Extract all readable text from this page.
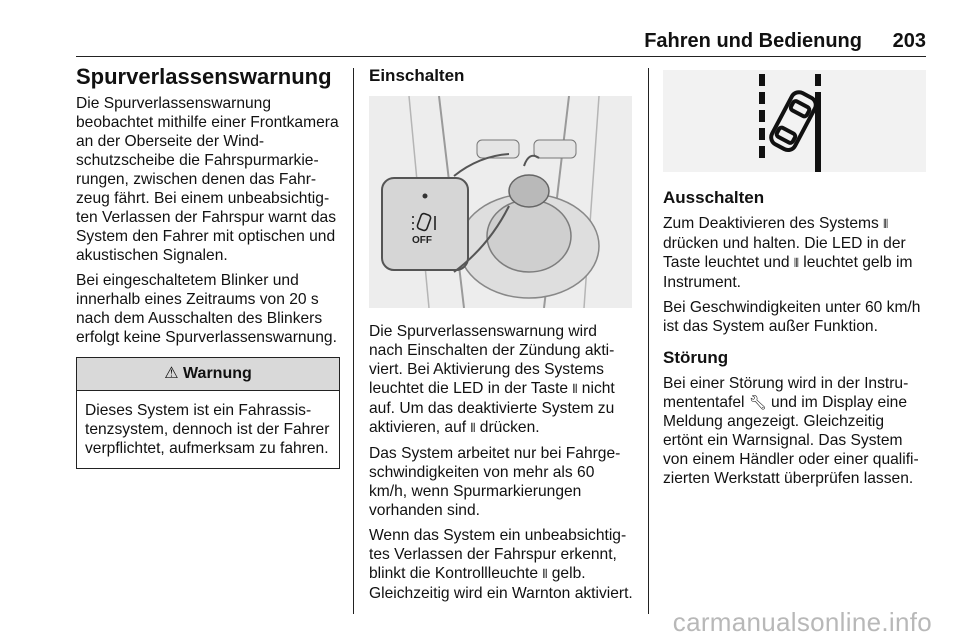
Fahren und Bedienung 203
Spurverlassenswarnung

Die Spurverlassenswarnung beobachtet mithilfe einer Frontkamera an der Oberseite der Windschutzscheibe die Fahrspurmarkierungen, zwischen denen das Fahrzeug fährt. Bei einem unbeabsichtigten Verlassen der Fahrspur warnt das System den Fahrer mit optischen und akustischen Signalen.

Bei eingeschaltetem Blinker und innerhalb eines Zeitraums von 20 s nach dem Ausschalten des Blinkers erfolgt keine Spurverlassenswarnung.

⚠ Warnung
Dieses System ist ein Fahrassistenzsystem, dennoch ist der Fahrer verpflichtet, aufmerksam zu fahren.
Einschalten
OFF

Die Spurverlassenswarnung wird nach Einschalten der Zündung aktiviert. Bei Aktivierung des Systems leuchtet die LED in der Taste ⫴ nicht auf. Um das deaktivierte System zu aktivieren, auf ⫴ drücken.

Das System arbeitet nur bei Fahrgeschwindigkeiten von mehr als 60 km/h, wenn Spurmarkierungen vorhanden sind.

Wenn das System ein unbeabsichtigtes Verlassen der Fahrspur erkennt, blinkt die Kontrollleuchte ⫴ gelb. Gleichzeitig wird ein Warnton aktiviert.

Ausschalten

Zum Deaktivieren des Systems ⫴ drücken und halten. Die LED in der Taste leuchtet und ⫴ leuchtet gelb im Instrument.

Bei Geschwindigkeiten unter 60 km/h ist das System außer Funktion.

Störung

Bei einer Störung wird in der Instrumententafel 🔧︎ und im Display eine Meldung angezeigt. Gleichzeitig ertönt ein Warnsignal. Das System von einem Händler oder einer qualifizierten Werkstatt überprüfen lassen.

carmanualsonline.info
